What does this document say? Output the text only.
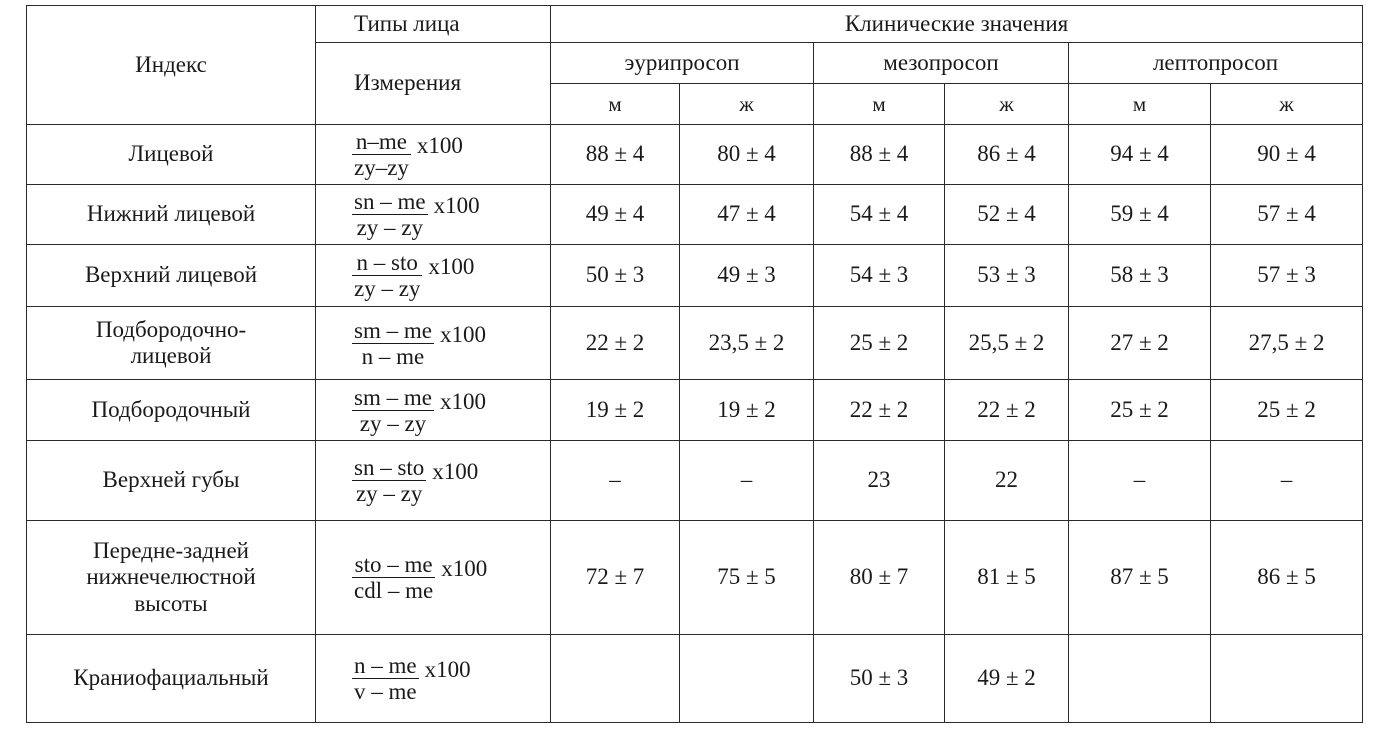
Индекс	Типы лица	Клинические значения					
	Измерения	эурипросоп		мезопросоп		лептопросоп	
		м	ж	м	ж	м	ж
Лицевой	$\frac{n-me}{zy-zy} x100$	88 ± 4	80 ± 4	88 ± 4	86 ± 4	94 ± 4	90 ± 4
Нижний лицевой	$\frac{sn - me}{zy - zy} x100$	49 ± 4	47 ± 4	54 ± 4	52 ± 4	59 ± 4	57 ± 4
Верхний лицевой	$\frac{\text{n – sto}}{zy - zy} x100$	50 ± 3	49 ± 3	54 ± 3	53 ± 3	58 ± 3	57 ± 3
Подбородочно-
лицевой	$\frac{sm - me}{n - me} x100$	22 ± 2	23,5 ± 2	25 ± 2	25,5 ± 2	27 ± 2	27,5 ± 2
Подбородочный	$\frac{sm - me}{zy - zy} x100$	19 ± 2	19 ± 2	22 ± 2	22 ± 2	25 ± 2	25 ± 2
Верхней губы	$\frac{\text{sn – sto}}{zy - zy} x100$	–	–	23	22	–	–
Передне-задней
нижнечелюстной
высоты	$\frac{\text{sto – me}}{\text{cdl – me}} x100$	72 ± 7	75 ± 5	80 ± 7	81 ± 5	87 ± 5	86 ± 5
Краниофациальный	$\frac{n - me}{v - me} x100$			50 ± 3	49 ± 2		
